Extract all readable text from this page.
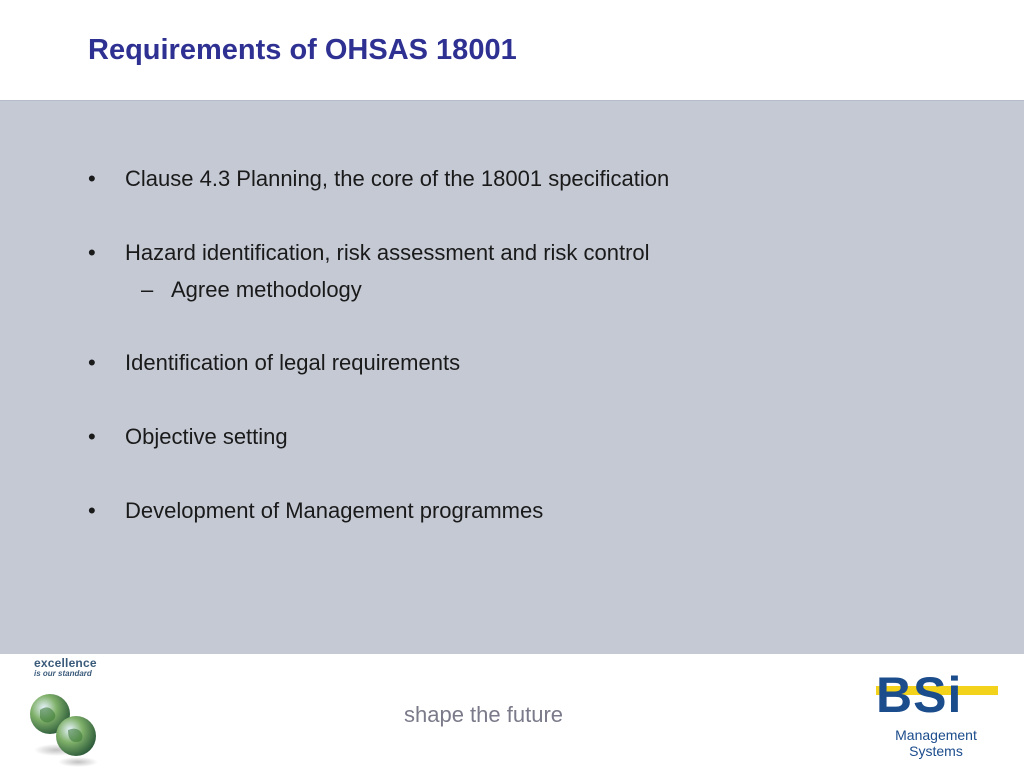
Requirements of OHSAS 18001
•	Clause 4.3 Planning, the core of the 18001 specification
•	Hazard identification, risk assessment and risk control
– Agree methodology
•	Identification of legal requirements
•	Objective setting
•	Development of Management programmes
excellence
is our standard
shape the future	BSi
Management
Systems
